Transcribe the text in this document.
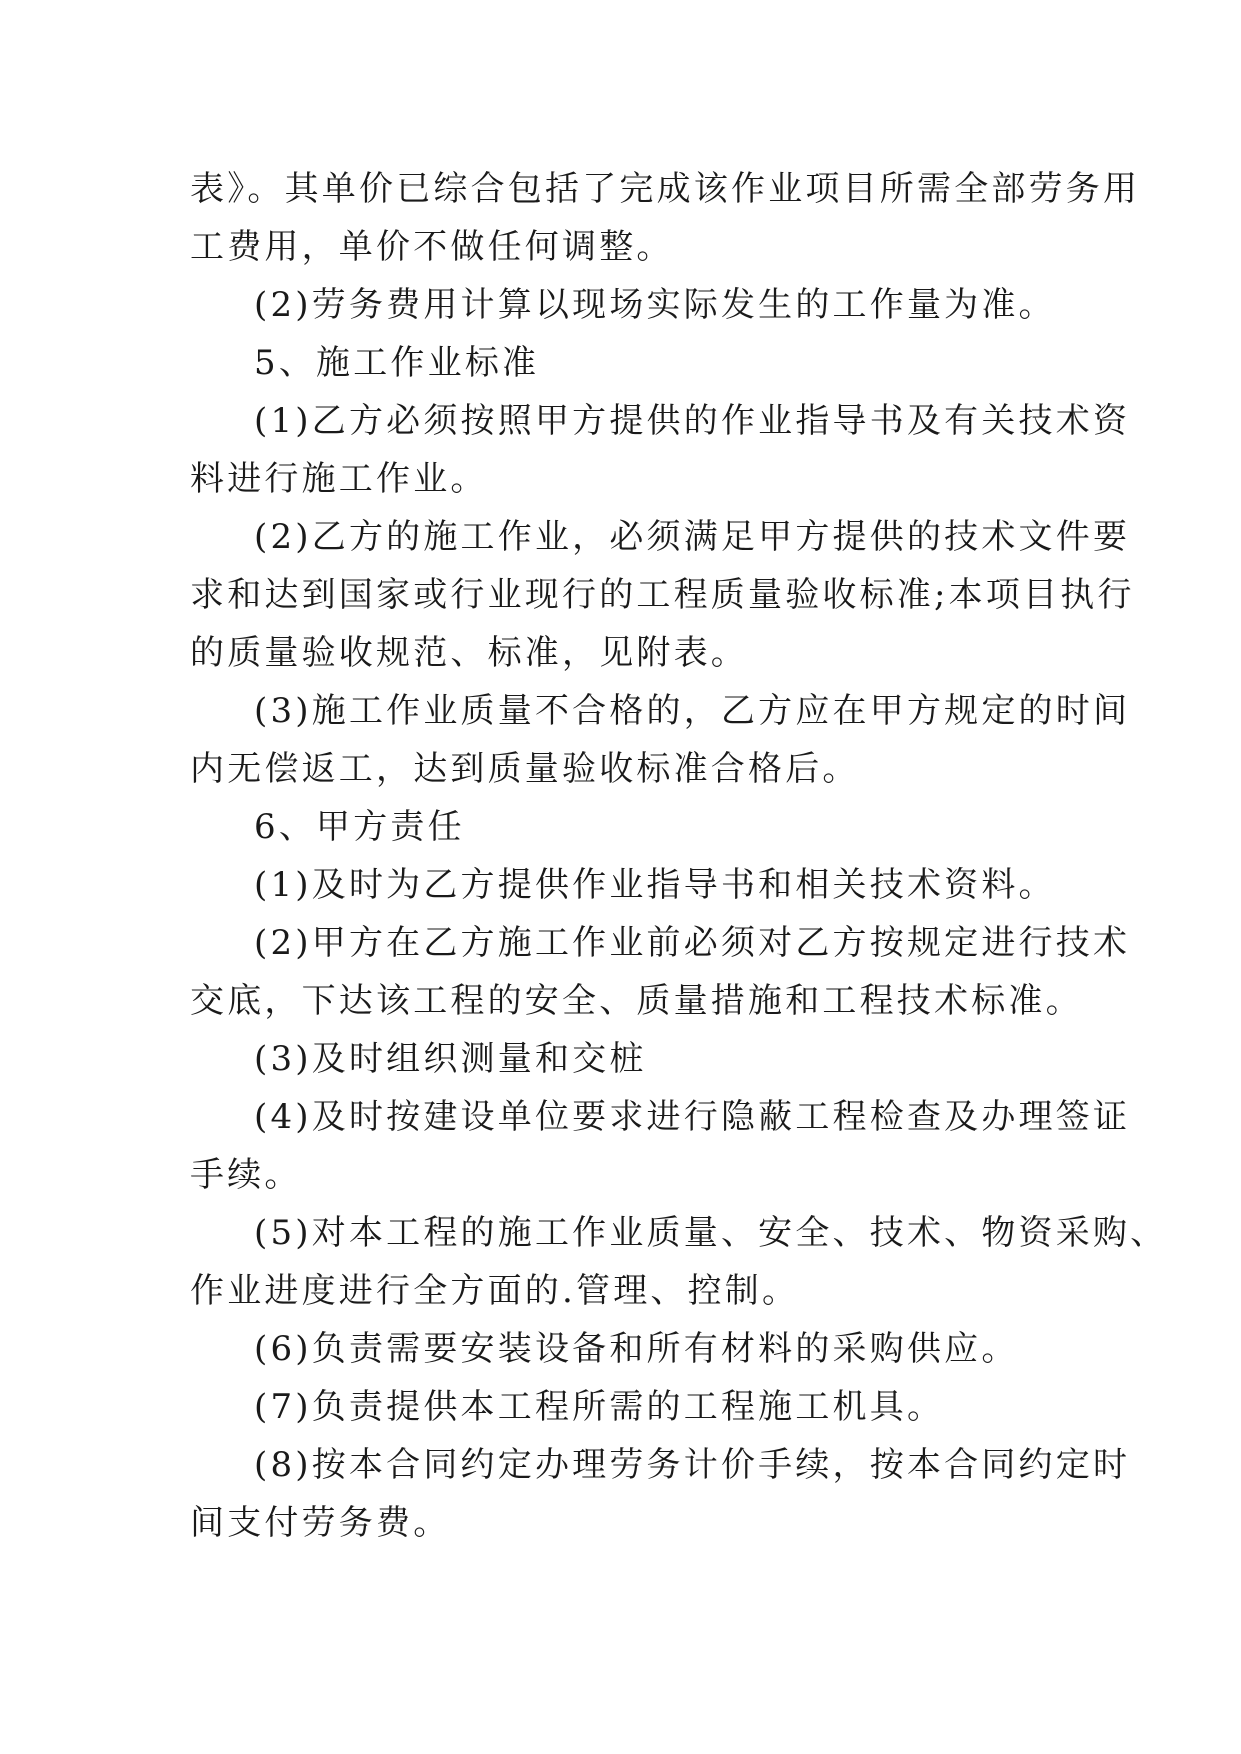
表》。其单价已综合包括了完成该作业项目所需全部劳务用

工费用，单价不做任何调整。

(2)劳务费用计算以现场实际发生的工作量为准。

5、施工作业标准

(1)乙方必须按照甲方提供的作业指导书及有关技术资

料进行施工作业。

(2)乙方的施工作业，必须满足甲方提供的技术文件要

求和达到国家或行业现行的工程质量验收标准;本项目执行

的质量验收规范、标准，见附表。

(3)施工作业质量不合格的，乙方应在甲方规定的时间

内无偿返工，达到质量验收标准合格后。

6、甲方责任

(1)及时为乙方提供作业指导书和相关技术资料。

(2)甲方在乙方施工作业前必须对乙方按规定进行技术

交底，下达该工程的安全、质量措施和工程技术标准。

(3)及时组织测量和交桩

(4)及时按建设单位要求进行隐蔽工程检查及办理签证

手续。

(5)对本工程的施工作业质量、安全、技术、物资采购、

作业进度进行全方面的.管理、控制。

(6)负责需要安装设备和所有材料的采购供应。

(7)负责提供本工程所需的工程施工机具。

(8)按本合同约定办理劳务计价手续，按本合同约定时

间支付劳务费。
